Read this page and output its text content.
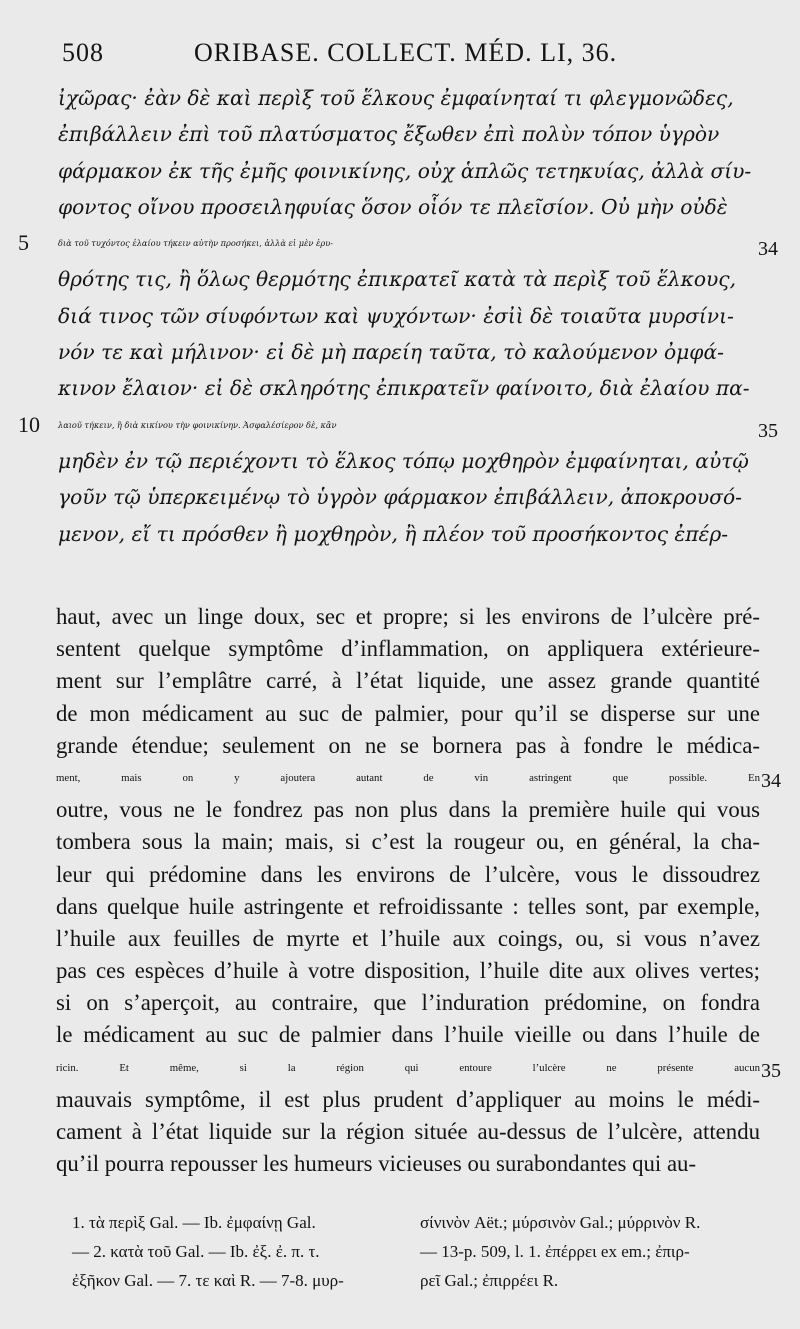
508	ORIBASE. COLLECT. MÉD. LI, 36.
ἰχῶρας· ἐὰν δὲ καὶ περὶξ τοῦ ἕλκους ἐμφαίνηταί τι φλεγμονῶδες,
ἐπιβάλλειν ἐπὶ τοῦ πλατύσματος ἔξωθεν ἐπὶ πολὺν τόπον ὑγρὸν
φάρμακον ἐκ τῆς ἐμῆς φοινικίνης, οὐχ ἁπλῶς τετηκυίας, ἀλλὰ σίυ-
φοντος οἴνου προσειληφυίας ὅσον οἷόν τε πλεῖσίον. Οὐ μὴν οὐδὲ
5	διὰ τοῦ τυχόντος ἐλαίου τήκειν αὐτὴν προσήκει, ἀλλὰ εἰ μὲν ἐρυ-	34
θρότης τις, ἢ ὅλως θερμότης ἐπικρατεῖ κατὰ τὰ περὶξ τοῦ ἕλκους,
διά τινος τῶν σίυφόντων καὶ ψυχόντων· ἐσἰὶ δὲ τοιαῦτα μυρσίνι-
νόν τε καὶ μήλινον· εἰ δὲ μὴ παρείη ταῦτα, τὸ καλούμενον ὀμφά-
κινον ἔλαιον· εἰ δὲ σκληρότης ἐπικρατεῖν φαίνοιτο, διὰ ἐλαίου πα-
10 λαιοῦ τήκειν, ἢ διὰ κικίνου τὴν φοινικίνην. Ἀσφαλέσίερον δὲ, κἂν	35
μηδὲν ἐν τῷ περιέχοντι τὸ ἕλκος τόπῳ μοχθηρὸν ἐμφαίνηται, αὐτῷ
γοῦν τῷ ὑπερκειμένῳ τὸ ὑγρὸν φάρμακον ἐπιβάλλειν, ἀποκρουσό-
μενον, εἴ τι πρόσθεν ἢ μοχθηρὸν, ἢ πλέον τοῦ προσήκοντος ἐπέρ-
haut, avec un linge doux, sec et propre; si les environs de l’ulcère pré-
sentent quelque symptôme d’inflammation, on appliquera extérieure-
ment sur l’emplâtre carré, à l’état liquide, une assez grande quantité
de mon médicament au suc de palmier, pour qu’il se disperse sur une
grande étendue; seulement on ne se bornera pas à fondre le médica-
ment, mais on y ajoutera autant de vin astringent que possible. En 34
outre, vous ne le fondrez pas non plus dans la première huile qui vous
tombera sous la main; mais, si c’est la rougeur ou, en général, la cha-
leur qui prédomine dans les environs de l’ulcère, vous le dissoudrez
dans quelque huile astringente et refroidissante : telles sont, par exemple,
l’huile aux feuilles de myrte et l’huile aux coings, ou, si vous n’avez
pas ces espèces d’huile à votre disposition, l’huile dite aux olives vertes;
si on s’aperçoit, au contraire, que l’induration prédomine, on fondra
le médicament au suc de palmier dans l’huile vieille ou dans l’huile de
ricin. Et même, si la région qui entoure l’ulcère ne présente aucun 35
mauvais symptôme, il est plus prudent d’appliquer au moins le médi-
cament à l’état liquide sur la région située au-dessus de l’ulcère, attendu
qu’il pourra repousser les humeurs vicieuses ou surabondantes qui au-
1. τὰ περὶξ Gal. — Ib. ἐμφαίνῃ Gal.
— 2. κατὰ τοῦ Gal. — Ib. ἐξ. ἐ. π. τ.
ἐξῆκον Gal. — 7. τε καὶ R. — 7-8. μυρ-
σίνινὸν Aët.; μύρσινὸν Gal.; μύρρινὸν R.
— 13-p. 509, l. 1. ἐπέρρει ex em.; ἐπιρ-
ρεῖ Gal.; ἐπιρρέει R.
